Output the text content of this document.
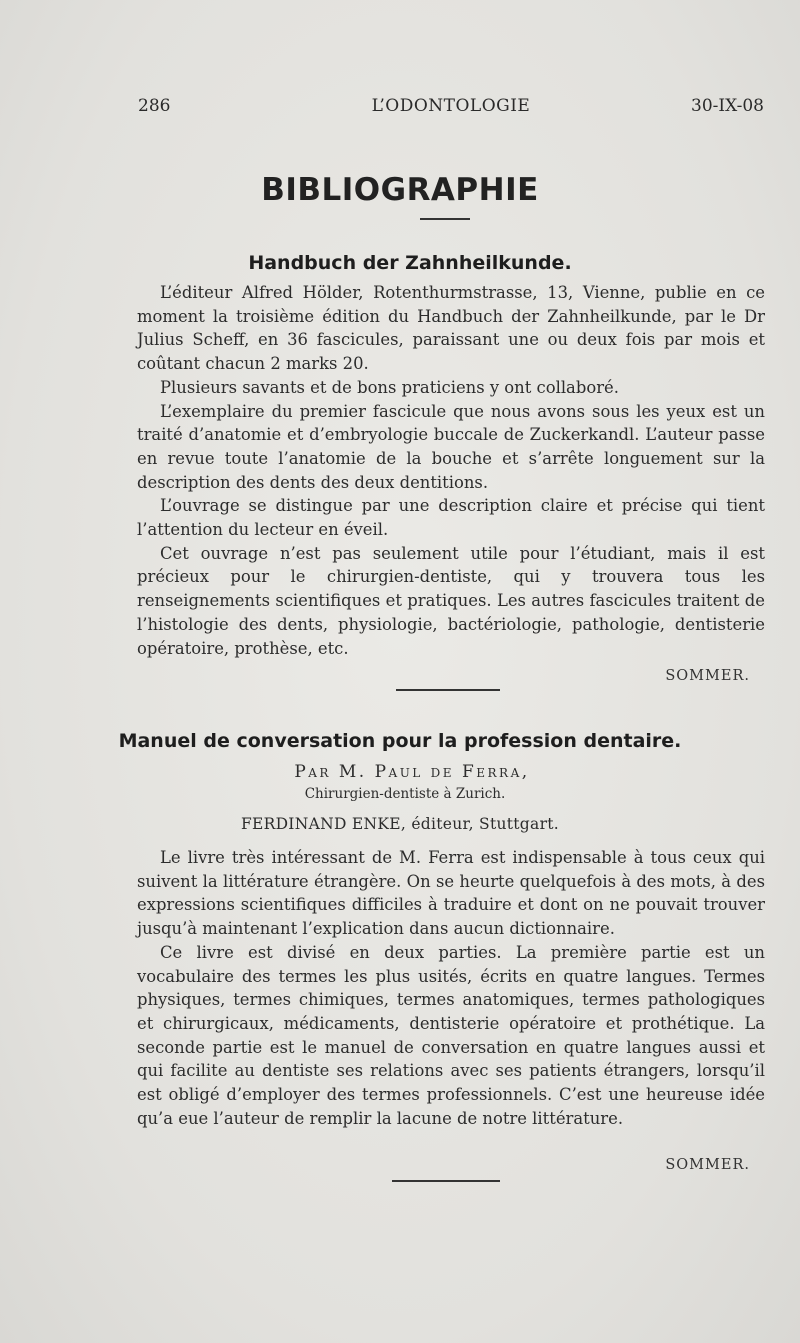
286	L’ODONTOLOGIE	30-IX-08
BIBLIOGRAPHIE
Handbuch der Zahnheilkunde.

L’éditeur Alfred Hölder, Rotenthurmstrasse, 13, Vienne, publie en ce moment la troisième édition du Handbuch der Zahnheilkunde, par le Dr Julius Scheff, en 36 fascicules, paraissant une ou deux fois par mois et coûtant chacun 2 marks 20.

Plusieurs savants et de bons praticiens y ont collaboré.

L’exemplaire du premier fascicule que nous avons sous les yeux est un traité d’anatomie et d’embryologie buccale de Zuckerkandl. L’auteur passe en revue toute l’anatomie de la bouche et s’arrête longuement sur la description des dents des deux dentitions.

L’ouvrage se distingue par une description claire et précise qui tient l’attention du lecteur en éveil.

Cet ouvrage n’est pas seulement utile pour l’étudiant, mais il est précieux pour le chirurgien-dentiste, qui y trouvera tous les renseignements scientifiques et pratiques. Les autres fascicules traitent de l’histologie des dents, physiologie, bactériologie, pathologie, dentisterie opératoire, prothèse, etc.

SOMMER.
Manuel de conversation pour la profession dentaire.
Par M. Paul de Ferra,
Chirurgien-dentiste à Zurich.
FERDINAND ENKE, éditeur, Stuttgart.

Le livre très intéressant de M. Ferra est indispensable à tous ceux qui suivent la littérature étrangère. On se heurte quelquefois à des mots, à des expressions scientifiques difficiles à traduire et dont on ne pouvait trouver jusqu’à maintenant l’explication dans aucun dictionnaire.

Ce livre est divisé en deux parties. La première partie est un vocabulaire des termes les plus usités, écrits en quatre langues. Termes physiques, termes chimiques, termes anatomiques, termes pathologiques et chirurgicaux, médicaments, dentisterie opératoire et prothétique. La seconde partie est le manuel de conversation en quatre langues aussi et qui facilite au dentiste ses relations avec ses patients étrangers, lorsqu’il est obligé d’employer des termes professionnels. C’est une heureuse idée qu’a eue l’auteur de remplir la lacune de notre littérature.

SOMMER.
